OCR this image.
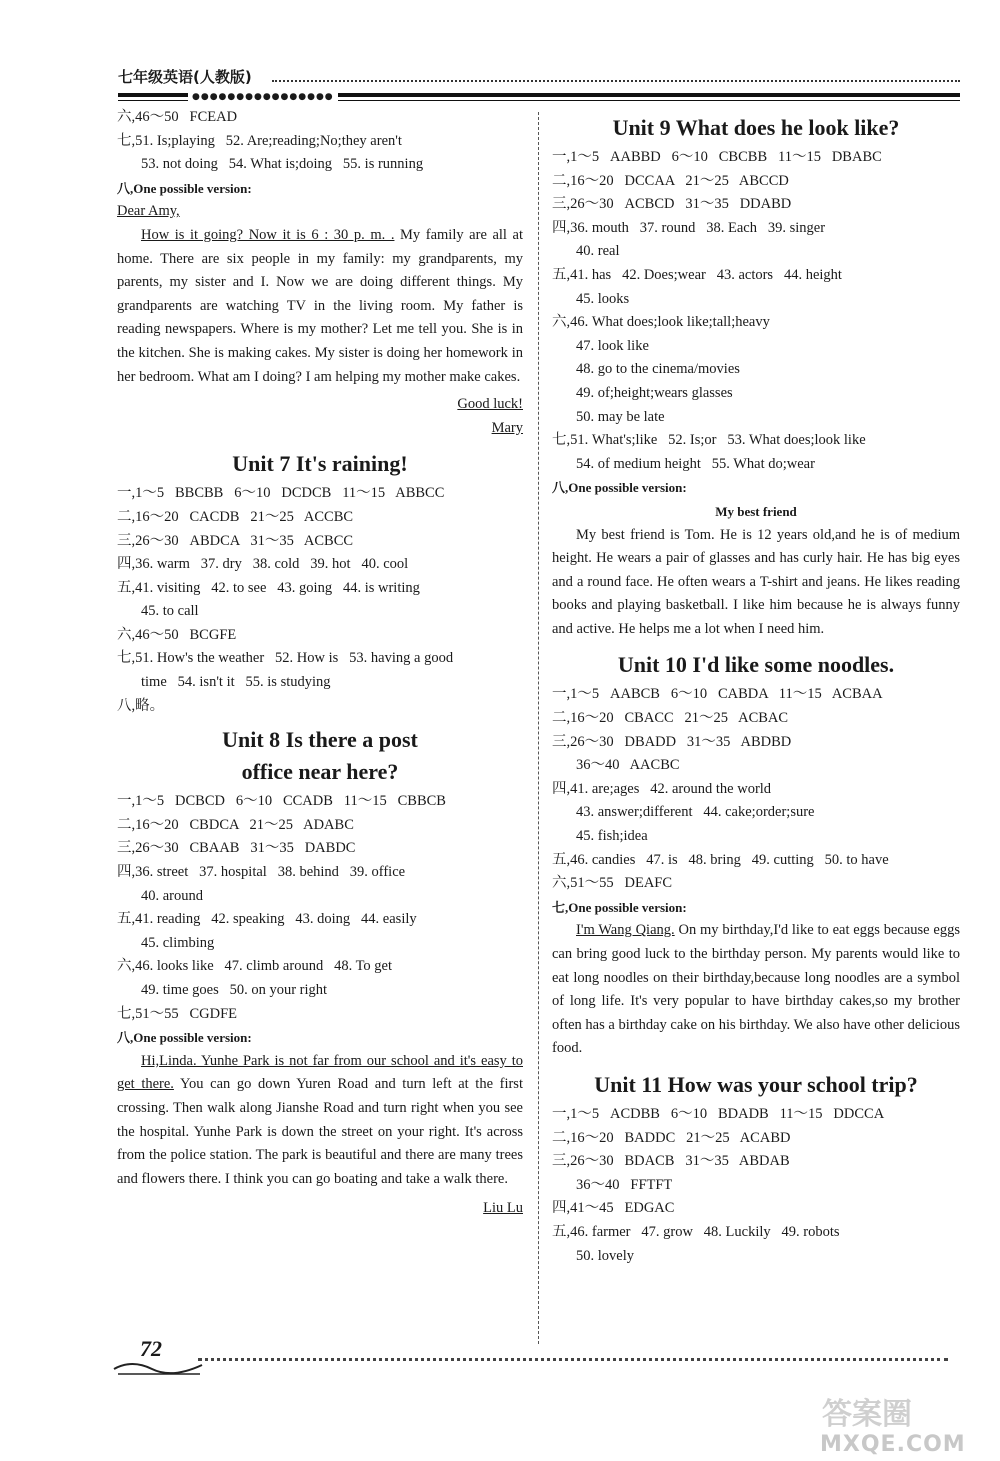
七年级英语(人教版)
●●●●●●●●●●●●●●●●
六,46～50   FCEAD
七,51. Is;playing   52. Are;reading;No;they aren't
53. not doing   54. What is;doing   55. is running
八,One possible version:
Dear Amy,
How is it going? Now it is 6 : 30 p. m. . My family are all at home. There are six people in my family: my grandparents, my parents, my sister and I. Now we are doing different things. My grandparents are watching TV in the living room. My father is reading newspapers. Where is my mother? Let me tell you. She is in the kitchen. She is making cakes. My sister is doing her homework in her bedroom. What am I doing? I am helping my mother make cakes.
Good luck!
Mary
Unit 7 It's raining!
一,1～5   BBCBB   6～10   DCDCB   11～15   ABBCC
二,16～20   CACDB   21～25   ACCBC
三,26～30   ABDCA   31～35   ACBCC
四,36. warm   37. dry   38. cold   39. hot   40. cool
五,41. visiting   42. to see   43. going   44. is writing
45. to call
六,46～50   BCGFE
七,51. How's the weather   52. How is   53. having a good
time   54. isn't it   55. is studying
八,略。
Unit 8 Is there a post
office near here?
一,1～5   DCBCD   6～10   CCADB   11～15   CBBCB
二,16～20   CBDCA   21～25   ADABC
三,26～30   CBAAB   31～35   DABDC
四,36. street   37. hospital   38. behind   39. office
40. around
五,41. reading   42. speaking   43. doing   44. easily
45. climbing
六,46. looks like   47. climb around   48. To get
49. time goes   50. on your right
七,51～55   CGDFE
八,One possible version:
Hi,Linda. Yunhe Park is not far from our school and it's easy to get there. You can go down Yuren Road and turn left at the first crossing. Then walk along Jianshe Road and turn right when you see the hospital. Yunhe Park is down the street on your right. It's across from the police station. The park is beautiful and there are many trees and flowers there. I think you can go boating and take a walk there.
Liu Lu
Unit 9 What does he look like?
一,1～5   AABBD   6～10   CBCBB   11～15   DBABC
二,16～20   DCCAA   21～25   ABCCD
三,26～30   ACBCD   31～35   DDABD
四,36. mouth   37. round   38. Each   39. singer
40. real
五,41. has   42. Does;wear   43. actors   44. height
45. looks
六,46. What does;look like;tall;heavy
47. look like
48. go to the cinema/movies
49. of;height;wears glasses
50. may be late
七,51. What's;like   52. Is;or   53. What does;look like
54. of medium height   55. What do;wear
八,One possible version:
My best friend
My best friend is Tom. He is 12 years old,and he is of medium height. He wears a pair of glasses and has curly hair. He has big eyes and a round face. He often wears a T-shirt and jeans. He likes reading books and playing basketball. I like him because he is always funny and active. He helps me a lot when I need him.
Unit 10 I'd like some noodles.
一,1～5   AABCB   6～10   CABDA   11～15   ACBAA
二,16～20   CBACC   21～25   ACBAC
三,26～30   DBADD   31～35   ABDBD
36～40   AACBC
四,41. are;ages   42. around the world
43. answer;different   44. cake;order;sure
45. fish;idea
五,46. candies   47. is   48. bring   49. cutting   50. to have
六,51～55   DEAFC
七,One possible version:
I'm Wang Qiang. On my birthday,I'd like to eat eggs because eggs can bring good luck to the birthday person. My parents would like to eat long noodles on their birthday,because long noodles are a symbol of long life. It's very popular to have birthday cakes,so my brother often has a birthday cake on his birthday. We also have other delicious food.
Unit 11 How was your school trip?
一,1～5   ACDBB   6～10   BDADB   11～15   DDCCA
二,16～20   BADDC   21～25   ACABD
三,26～30   BDACB   31～35   ABDAB
36～40   FFTFT
四,41～45   EDGAC
五,46. farmer   47. grow   48. Luckily   49. robots
50. lovely
72
答案圈
MXQE.COM
